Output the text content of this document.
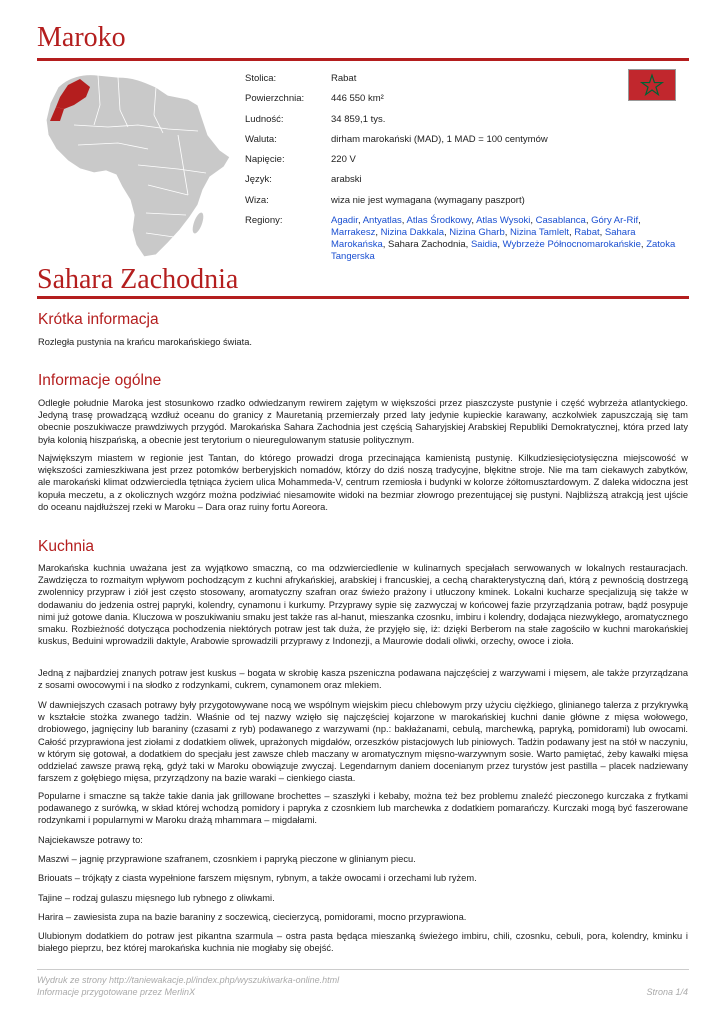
Maroko
Stolica:	Rabat
Powierzchnia:	446 550 km²
Ludność:	34 859,1 tys.
Waluta:	dirham marokański (MAD), 1 MAD = 100 centymów
Napięcie:	220 V
Język:	arabski
Wiza:	wiza nie jest wymagana (wymagany paszport)
Regiony:	Agadir, Antyatlas, Atlas Środkowy, Atlas Wysoki, Casablanca, Góry Ar-Rif, Marrakesz, Nizina Dakkala, Nizina Gharb, Nizina Tamlelt, Rabat, Sahara Marokańska, Sahara Zachodnia, Saidia, Wybrzeże Północnomarokańskie, Zatoka Tangerska
Sahara Zachodnia
Krótka informacja

Rozległa pustynia na krańcu marokańskiego świata.

Informacje ogólne

Odległe południe Maroka jest stosunkowo rzadko odwiedzanym rewirem zajętym w większości przez piaszczyste pustynie i część wybrzeża atlantyckiego. Jedyną trasę prowadzącą wzdłuż oceanu do granicy z Mauretanią przemierzały przed laty jedynie kupieckie karawany, aczkolwiek zapuszczają się tam obecnie poszukiwacze prawdziwych przygód. Marokańska Sahara Zachodnia jest częścią Saharyjskiej Arabskiej Republiki Demokratycznej, która przed laty była kolonią hiszpańską, a obecnie jest terytorium o nieuregulowanym statusie politycznym.

Największym miastem w regionie jest Tantan, do którego prowadzi droga przecinająca kamienistą pustynię. Kilkudziesięciotysięczna miejscowość w większości zamieszkiwana jest przez potomków berberyjskich nomadów, którzy do dziś noszą tradycyjne, błękitne stroje. Nie ma tam ciekawych zabytków, ale marokański klimat odzwierciedla tętniąca życiem ulica Mohammeda-V, centrum rzemiosła i budynki w kolorze żółtomusztardowym. Z daleka widoczna jest kopuła meczetu, a z okolicznych wzgórz można podziwiać niesamowite widoki na bezmiar złowrogo prezentującej się pustyni. Najbliższą atrakcją jest ujście do oceanu najdłuższej rzeki w Maroku – Dara oraz ruiny fortu Aoreora.

Kuchnia

Marokańska kuchnia uważana jest za wyjątkowo smaczną, co ma odzwierciedlenie w kulinarnych specjałach serwowanych w lokalnych restauracjach. Zawdzięcza to rozmaitym wpływom pochodzącym z kuchni afrykańskiej, arabskiej i francuskiej, a cechą charakterystyczną dań, którą z pewnością dostrzegą zwolennicy przypraw i ziół jest często stosowany, aromatyczny szafran oraz świeżo prażony i utłuczony kminek. Lokalni kucharze specjalizują się także w dodawaniu do jedzenia ostrej papryki, kolendry, cynamonu i kurkumy. Przyprawy sypie się zazwyczaj w końcowej fazie przyrządzania potraw, bądź posypuje nimi już gotowe dania. Kluczowa w poszukiwaniu smaku jest także ras al-hanut, mieszanka czosnku, imbiru i kolendry, dodająca niezwykłego, aromatycznego smaku. Rozbieżność dotycząca pochodzenia niektórych potraw jest tak duża, że przyjęło się, iż: dzięki Berberom na stałe zagościło w kuchni marokańskiej kuskus, Beduini wprowadzili daktyle, Arabowie sprowadzili przyprawy z Indonezji, a Maurowie dodali oliwki, orzechy, owoce i zioła.

Jedną z najbardziej znanych potraw jest kuskus – bogata w skrobię kasza pszeniczna podawana najczęściej z warzywami i mięsem, ale także przyrządzana z sosami owocowymi i na słodko z rodzynkami, cukrem, cynamonem oraz mlekiem.

W dawniejszych czasach potrawy były przygotowywane nocą we wspólnym wiejskim piecu chlebowym przy użyciu ciężkiego, glinianego talerza z przykrywką w kształcie stożka zwanego tadżin. Właśnie od tej nazwy wzięło się najczęściej kojarzone w marokańskiej kuchni danie główne z mięsa wołowego, drobiowego, jagnięciny lub baraniny (czasami z ryb) podawanego z warzywami (np.: bakłażanami, cebulą, marchewką, papryką, pomidorami) lub owocami. Całość przyprawiona jest ziołami z dodatkiem oliwek, uprażonych migdałów, orzeszków pistacjowych lub piniowych. Tadżin podawany jest na stół w naczyniu, w którym się gotował, a dodatkiem do specjału jest zawsze chleb maczany w aromatycznym mięsno-warzywnym sosie. Warto pamiętać, żeby kawałki mięsa oddzielać zawsze prawą ręką, gdyż taki w Maroku obowiązuje zwyczaj. Legendarnym daniem docenianym przez turystów jest pastilla – placek nadziewany farszem z gołębiego mięsa, przyrządzony na bazie waraki – cienkiego ciasta.

Popularne i smaczne są także takie dania jak grillowane brochettes – szaszłyki i kebaby, można też bez problemu znaleźć pieczonego kurczaka z frytkami podawanego z surówką, w skład której wchodzą pomidory i papryka z czosnkiem lub marchewka z dodatkiem pomarańczy. Kurczaki mogą być faszerowane rodzynkami i popularnymi w Maroku drażą mhammara – migdałami.

Najciekawsze potrawy to:

Maszwi – jagnię przyprawione szafranem, czosnkiem i papryką pieczone w glinianym piecu.

Briouats – trójkąty z ciasta wypełnione farszem mięsnym, rybnym, a także owocami i orzechami lub ryżem.

Tajine – rodzaj gulaszu mięsnego lub rybnego z oliwkami.

Harira – zawiesista zupa na bazie baraniny z soczewicą, ciecierzycą, pomidorami, mocno przyprawiona.

Ulubionym dodatkiem do potraw jest pikantna szarmula – ostra pasta będąca mieszanką świeżego imbiru, chili, czosnku, cebuli, pora, kolendry, kminku i białego pieprzu, bez której marokańska kuchnia nie mogłaby się obejść.

Wydruk ze strony http://taniewakacje.pl/index.php/wyszukiwarka-online.html
Informacje przygotowane przez MerlinX	Strona 1/4
